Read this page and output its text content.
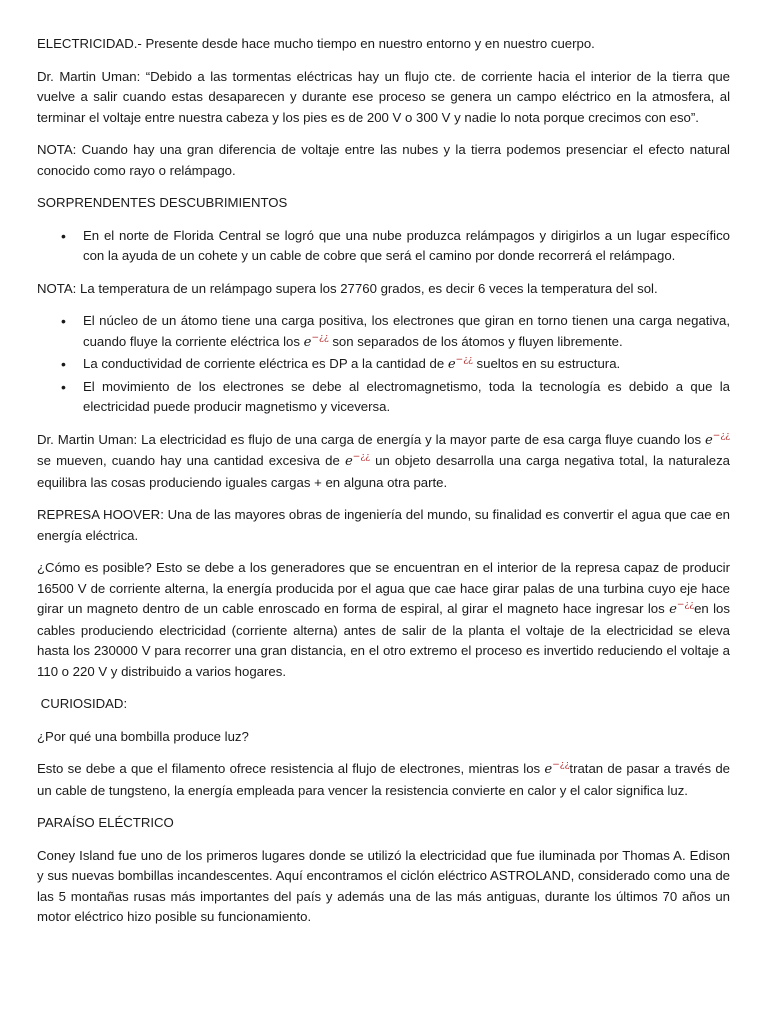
ELECTRICIDAD.- Presente desde hace mucho tiempo en nuestro entorno y en nuestro cuerpo.

Dr. Martin Uman: “Debido a las tormentas eléctricas hay un flujo cte. de corriente hacia el interior de la tierra que vuelve a salir cuando estas desaparecen y durante ese proceso se genera un campo eléctrico en la atmosfera, al terminar el voltaje entre nuestra cabeza y los pies es de 200 V o 300 V y nadie lo nota porque crecimos con eso”.

NOTA: Cuando hay una gran diferencia de voltaje entre las nubes y la tierra podemos presenciar el efecto natural conocido como rayo o relámpago.

SORPRENDENTES DESCUBRIMIENTOS

• En el norte de Florida Central se logró que una nube produzca relámpagos y dirigirlos a un lugar específico con la ayuda de un cohete y un cable de cobre que será el camino por donde recorrerá el relámpago.

NOTA: La temperatura de un relámpago supera los 27760 grados, es decir 6 veces la temperatura del sol.

• El núcleo de un átomo tiene una carga positiva, los electrones que giran en torno tienen una carga negativa, cuando fluye la corriente eléctrica los e−¿¿ son separados de los átomos y fluyen libremente.
• La conductividad de corriente eléctrica es DP a la cantidad de e−¿¿ sueltos en su estructura.
• El movimiento de los electrones se debe al electromagnetismo, toda la tecnología es debido a que la electricidad puede producir magnetismo y viceversa.

Dr. Martin Uman: La electricidad es flujo de una carga de energía y la mayor parte de esa carga fluye cuando los e−¿¿ se mueven, cuando hay una cantidad excesiva de e−¿¿ un objeto desarrolla una carga negativa total, la naturaleza equilibra las cosas produciendo iguales cargas + en alguna otra parte.

REPRESA HOOVER: Una de las mayores obras de ingeniería del mundo, su finalidad es convertir el agua que cae en energía eléctrica.

¿Cómo es posible? Esto se debe a los generadores que se encuentran en el interior de la represa capaz de producir 16500 V de corriente alterna, la energía producida por el agua que cae hace girar palas de una turbina cuyo eje hace girar un magneto dentro de un cable enroscado en forma de espiral, al girar el magneto hace ingresar los e−¿¿en los cables produciendo electricidad (corriente alterna) antes de salir de la planta el voltaje de la electricidad se eleva hasta los 230000 V para recorrer una gran distancia, en el otro extremo el proceso es invertido reduciendo el voltaje a 110 o 220 V y distribuido a varios hogares.

CURIOSIDAD:

¿Por qué una bombilla produce luz?

Esto se debe a que el filamento ofrece resistencia al flujo de electrones, mientras los e−¿¿tratan de pasar a través de un cable de tungsteno, la energía empleada para vencer la resistencia convierte en calor y el calor significa luz.

PARAÍSO ELÉCTRICO

Coney Island fue uno de los primeros lugares donde se utilizó la electricidad que fue iluminada por Thomas A. Edison y sus nuevas bombillas incandescentes. Aquí encontramos el ciclón eléctrico ASTROLAND, considerado como una de las 5 montañas rusas más importantes del país y además una de las más antiguas, durante los últimos 70 años un motor eléctrico hizo posible su funcionamiento.
